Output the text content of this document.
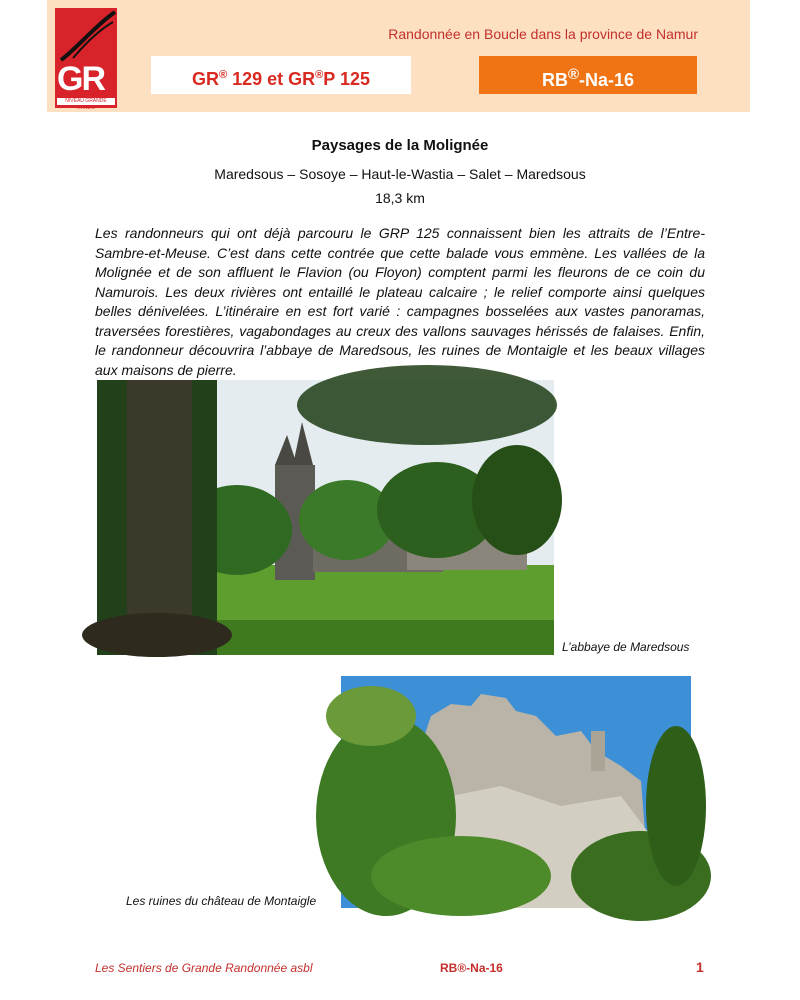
GR
NIVEAU GRANDE RANDO
Randonnée en Boucle dans la province de Namur
GR® 129 et GR®P 125	RB®-Na-16
Paysages de la Molignée
Maredsous – Sosoye – Haut-le-Wastia – Salet – Maredsous
18,3 km

Les randonneurs qui ont déjà parcouru le GRP 125 connaissent bien les attraits de l’Entre-Sambre-et-Meuse. C’est dans cette contrée que cette balade vous emmène. Les vallées de la Molignée et de son affluent le Flavion (ou Floyon) comptent parmi les fleurons de ce coin du Namurois. Les deux rivières ont entaillé le plateau calcaire ; le relief comporte ainsi quelques belles dénivelées. L’itinéraire en est fort varié : campagnes bosselées aux vastes panoramas, traversées forestières, vagabondages au creux des vallons sauvages hérissés de falaises. Enfin, le randonneur découvrira l’abbaye de Maredsous, les ruines de Montaigle et les beaux villages aux maisons de pierre.

L’abbaye de Maredsous
Les ruines du château de Montaigle
Les Sentiers de Grande Randonnée asbl	RB®-Na-16	1
